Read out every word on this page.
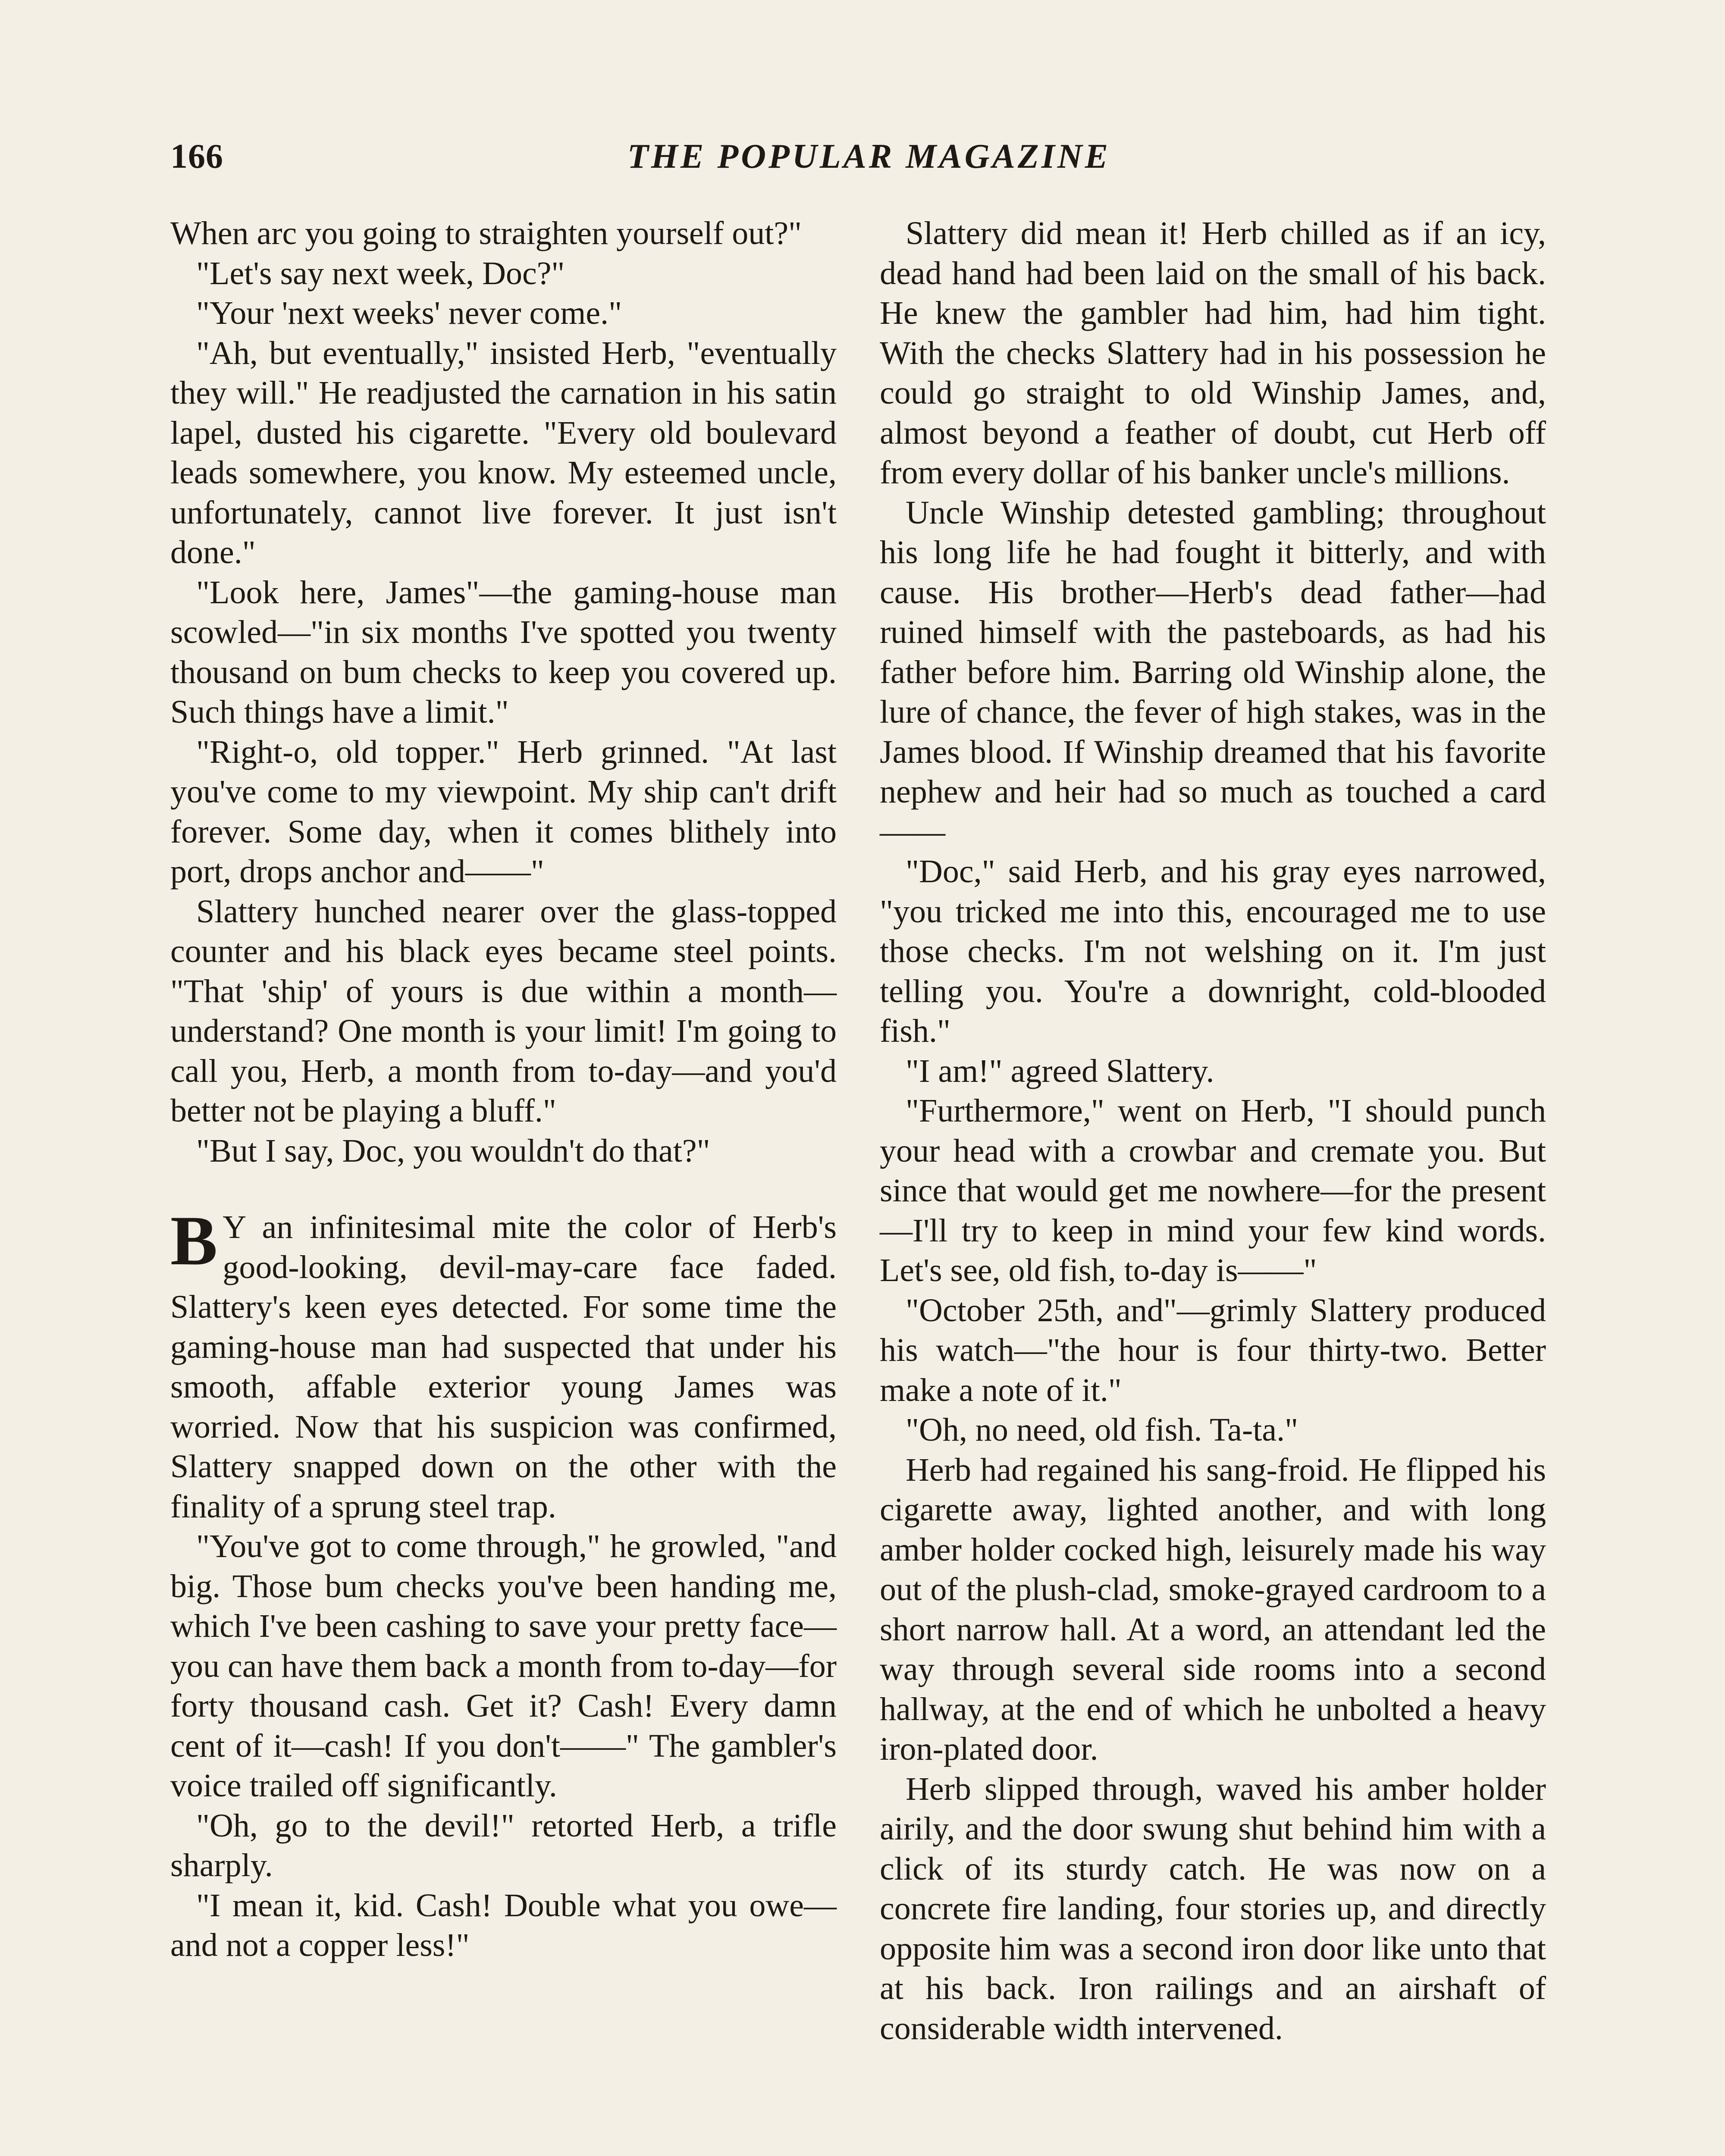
166	THE POPULAR MAGAZINE

When arc you going to straighten yourself out?"

"Let's say next week, Doc?"

"Your 'next weeks' never come."

"Ah, but eventually," insisted Herb, "eventually they will." He readjusted the carnation in his satin lapel, dusted his cigarette. "Every old boulevard leads somewhere, you know. My esteemed uncle, unfortunately, cannot live forever. It just isn't done."

"Look here, James"—the gaming-house man scowled—"in six months I've spotted you twenty thousand on bum checks to keep you covered up. Such things have a limit."

"Right-o, old topper." Herb grinned. "At last you've come to my viewpoint. My ship can't drift forever. Some day, when it comes blithely into port, drops anchor and——"

Slattery hunched nearer over the glass-topped counter and his black eyes became steel points. "That 'ship' of yours is due within a month—understand? One month is your limit! I'm going to call you, Herb, a month from to-day—and you'd better not be playing a bluff."

"But I say, Doc, you wouldn't do that?"

B Y an infinitesimal mite the color of Herb's good-looking, devil-may-care face faded. Slattery's keen eyes detected. For some time the gaming-house man had suspected that under his smooth, affable exterior young James was worried. Now that his suspicion was confirmed, Slattery snapped down on the other with the finality of a sprung steel trap.

"You've got to come through," he growled, "and big. Those bum checks you've been handing me, which I've been cashing to save your pretty face—you can have them back a month from to-day—for forty thousand cash. Get it? Cash! Every damn cent of it—cash! If you don't——" The gambler's voice trailed off significantly.

"Oh, go to the devil!" retorted Herb, a trifle sharply.

"I mean it, kid. Cash! Double what you owe—and not a copper less!"

Slattery did mean it! Herb chilled as if an icy, dead hand had been laid on the small of his back. He knew the gambler had him, had him tight. With the checks Slattery had in his possession he could go straight to old Winship James, and, almost beyond a feather of doubt, cut Herb off from every dollar of his banker uncle's millions.

Uncle Winship detested gambling; throughout his long life he had fought it bitterly, and with cause. His brother—Herb's dead father—had ruined himself with the pasteboards, as had his father before him. Barring old Winship alone, the lure of chance, the fever of high stakes, was in the James blood. If Winship dreamed that his favorite nephew and heir had so much as touched a card——

"Doc," said Herb, and his gray eyes narrowed, "you tricked me into this, encouraged me to use those checks. I'm not welshing on it. I'm just telling you. You're a downright, cold-blooded fish."

"I am!" agreed Slattery.

"Furthermore," went on Herb, "I should punch your head with a crowbar and cremate you. But since that would get me nowhere—for the present—I'll try to keep in mind your few kind words. Let's see, old fish, to-day is——"

"October 25th, and"—grimly Slattery produced his watch—"the hour is four thirty-two. Better make a note of it."

"Oh, no need, old fish. Ta-ta."

Herb had regained his sang-froid. He flipped his cigarette away, lighted another, and with long amber holder cocked high, leisurely made his way out of the plush-clad, smoke-grayed cardroom to a short narrow hall. At a word, an attendant led the way through several side rooms into a second hallway, at the end of which he unbolted a heavy iron-plated door.

Herb slipped through, waved his amber holder airily, and the door swung shut behind him with a click of its sturdy catch. He was now on a concrete fire landing, four stories up, and directly opposite him was a second iron door like unto that at his back. Iron railings and an airshaft of considerable width intervened.
